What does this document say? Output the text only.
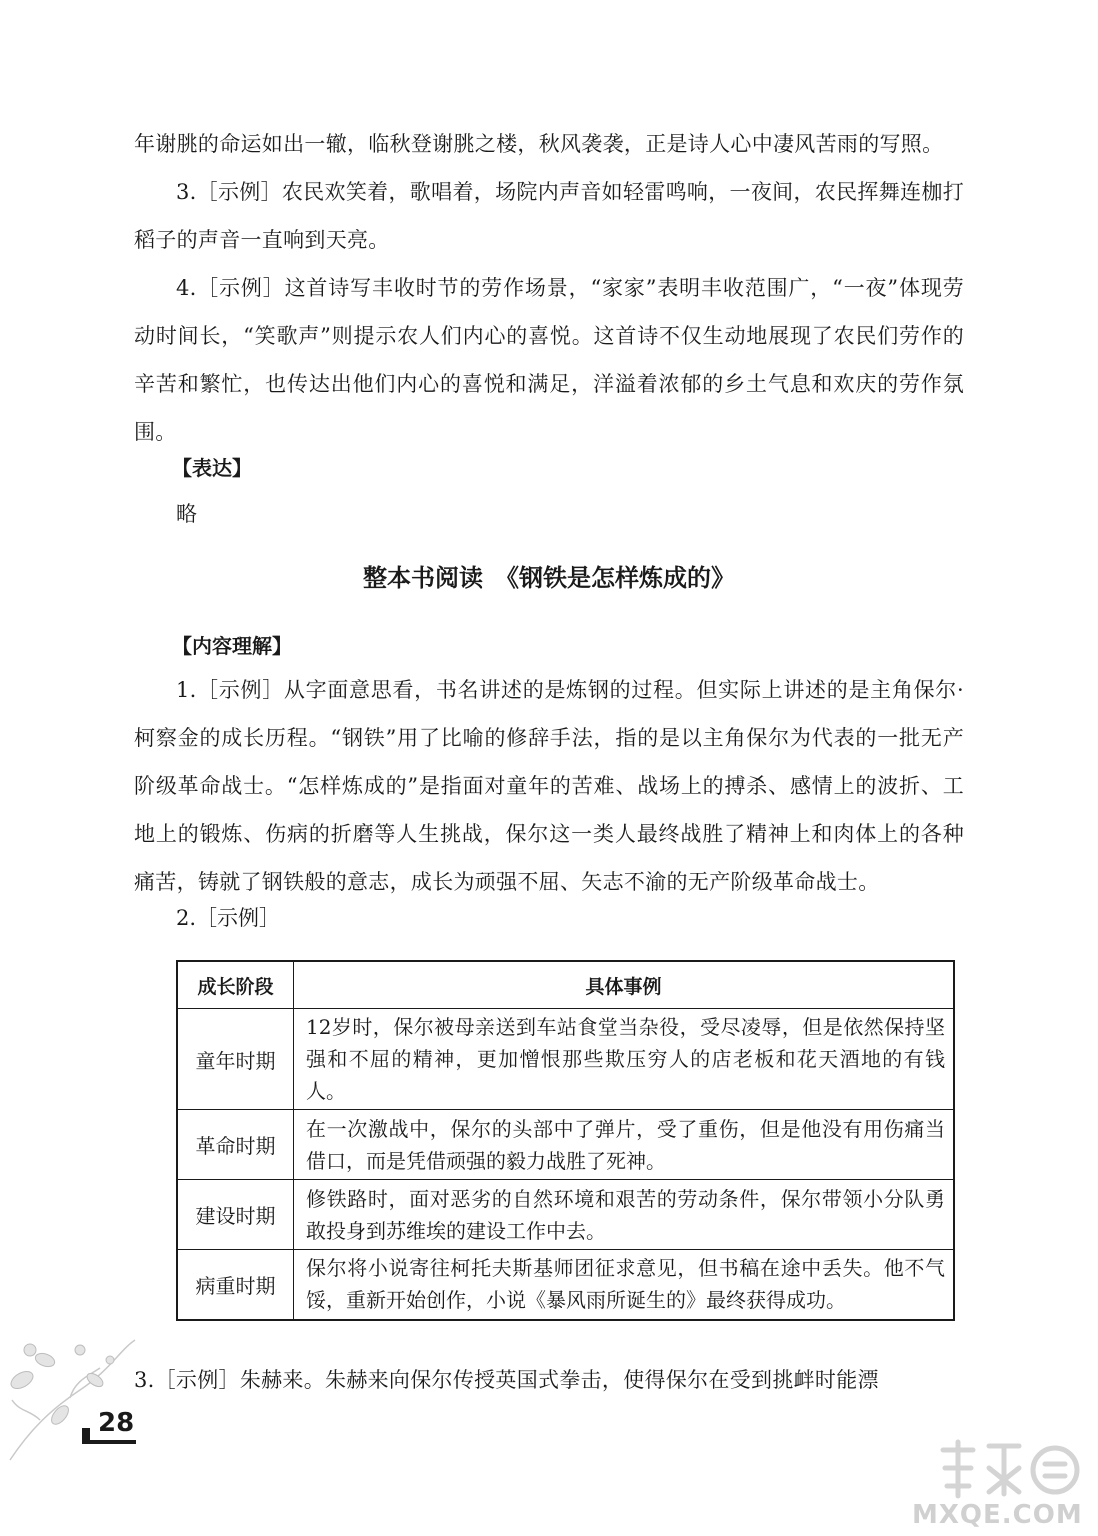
年谢朓的命运如出一辙，临秋登谢朓之楼，秋风袭袭，正是诗人心中凄风苦雨的写照。

3.［示例］农民欢笑着，歌唱着，场院内声音如轻雷鸣响，一夜间，农民挥舞连枷打稻子的声音一直响到天亮。

4.［示例］这首诗写丰收时节的劳作场景，“家家”表明丰收范围广，“一夜”体现劳动时间长，“笑歌声”则提示农人们内心的喜悦。这首诗不仅生动地展现了农民们劳作的辛苦和繁忙，也传达出他们内心的喜悦和满足，洋溢着浓郁的乡土气息和欢庆的劳作氛围。

【表达】

略

整本书阅读　《钢铁是怎样炼成的》

【内容理解】

1.［示例］从字面意思看，书名讲述的是炼钢的过程。但实际上讲述的是主角保尔·柯察金的成长历程。“钢铁”用了比喻的修辞手法，指的是以主角保尔为代表的一批无产阶级革命战士。“怎样炼成的”是指面对童年的苦难、战场上的搏杀、感情上的波折、工地上的锻炼、伤病的折磨等人生挑战，保尔这一类人最终战胜了精神上和肉体上的各种痛苦，铸就了钢铁般的意志，成长为顽强不屈、矢志不渝的无产阶级革命战士。

2.［示例］

成长阶段	具体事例
童年时期	12岁时，保尔被母亲送到车站食堂当杂役，受尽凌辱，但是依然保持坚强和不屈的精神，更加憎恨那些欺压穷人的店老板和花天酒地的有钱人。
革命时期	在一次激战中，保尔的头部中了弹片，受了重伤，但是他没有用伤痛当借口，而是凭借顽强的毅力战胜了死神。
建设时期	修铁路时，面对恶劣的自然环境和艰苦的劳动条件，保尔带领小分队勇敢投身到苏维埃的建设工作中去。
病重时期	保尔将小说寄往柯托夫斯基师团征求意见，但书稿在途中丢失。他不气馁，重新开始创作，小说《暴风雨所诞生的》最终获得成功。

3.［示例］朱赫来。朱赫来向保尔传授英国式拳击，使得保尔在受到挑衅时能漂

28
MXQE.COM
